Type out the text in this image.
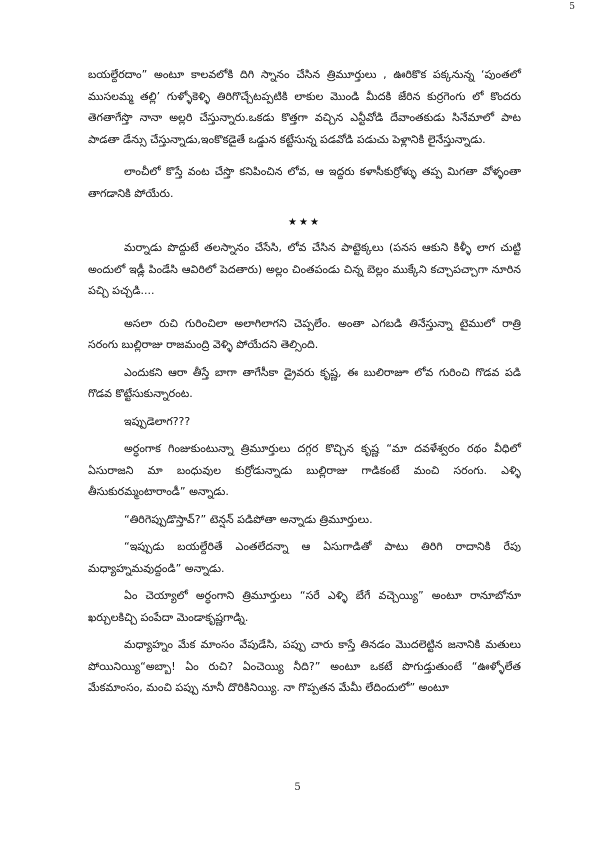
5

బయల్దేరదాం” అంటూ కాలవలోకి దిగి స్నానం చేసిన త్రిమూర్తులు , ఊరికొక పక్కనున్న ‘పుంతలో ముసలమ్మ తల్లి’ గుళ్ళోకెళ్ళి తిరిగొచ్చేటప్పటికి లాకుల మొండి మీదకి జేరిన కుర్రగెంగు లో కొందరు తెగతాగేస్తొ నానా అల్లరి చేస్తున్నారు.ఒకడు కొత్తగా వచ్చిన ఎన్టీవోడి దేవాంతకుడు సినేమాలో పాట పాడతా డేన్సు చేస్తున్నాడు,ఇంకొకడైతే ఒడ్డున కట్టేసున్న పడవోడి పడుచు పెళ్లానికి లైనేస్తున్నాడు.

లాంచీలో కొస్తే వంట చేస్తొ కనిపించిన లోవ, ఆ ఇద్దరు కళాసీకుర్రోళ్ళు తప్ప మిగతా వోళ్ళంతా తాగడానికి పోయేరు.

★★★

మర్నాడు పొద్దుటే తలస్నానం చేసేసి, లోవ చేసిన పాట్టెక్కలు (పనస ఆకుని కిళ్ళీ లాగ చుట్టి అందులో ఇడ్లీ పిండేసి ఆవిరిలో పెదతారు) అల్లం చింతపండు చిన్న బెల్లం ముక్కేని కచ్చాపచ్చాగా నూరిన పచ్చి పచ్చడి....

అసలా రుచి గురించిలా అలాగిలాగని చెప్పలేం. అంతా ఎగబడి తినేస్తున్నా టైములో రాత్రి సరంగు బుల్లిరాజు రాజమంద్రి వెళ్ళి పోయేదని తెల్సింది.

ఎందుకని ఆరా తీస్తే బాగా తాగేసీకా డ్రైవరు కృష్ణ, ఈ బులిరాజూ లోవ గురించి గొడవ పడి గొడవ కొట్టేసుకున్నారంట.

ఇప్పుడెలాగ???

అర్ధంగాక గింజుకుంటున్నా త్రిమూర్తులు దగ్గర కొచ్చిన కృష్ణ “మా దవళేశ్వరం రథం వీధిలో ఏసురాజని మా బంధువుల కుర్రోడున్నాడు బుల్లిరాజు గాడికంటే మంచి సరంగు. ఎళ్ళి తీసుకురమ్మంటారాండీ” అన్నాడు.

“తిరిగెప్పుడొస్తావ్?” టెన్షన్ పడిపోతా అన్నాడు త్రిమూర్తులు.

“ఇప్పుడు బయల్దేరితే ఎంతలేదన్నా ఆ ఏసుగాడితో పాటు తిరిగి రాదానికి రేపు మధ్యాహ్నమవుద్దండి” అన్నాడు.

ఏం చెయ్యాలో అర్ధంగాని త్రిమూర్తులు “సరే ఎళ్ళి బేగే వచ్చెయ్యి” అంటూ రానూబోనూ ఖర్చులకిచ్చి పంపేదా మెండాకృష్ణగాడ్ని.

మధ్యాహ్నం మేక మాంసం వేపుడేసి, పప్పు చారు కాస్తే తినడం మొదలెట్టిన జనానికి మతులు పోయినియ్యి“అబ్బా! ఏం రుచి? ఏంచెయ్యి నీది?” అంటూ ఒకటే పొగుడ్తుతుంటే “ఊళ్ళోలేత మేకమాంసం, మంచి పప్పు నూనీ దొరికినియ్యి. నా గొప్పతన మేమీ లేదిందులో” అంటూ

5
